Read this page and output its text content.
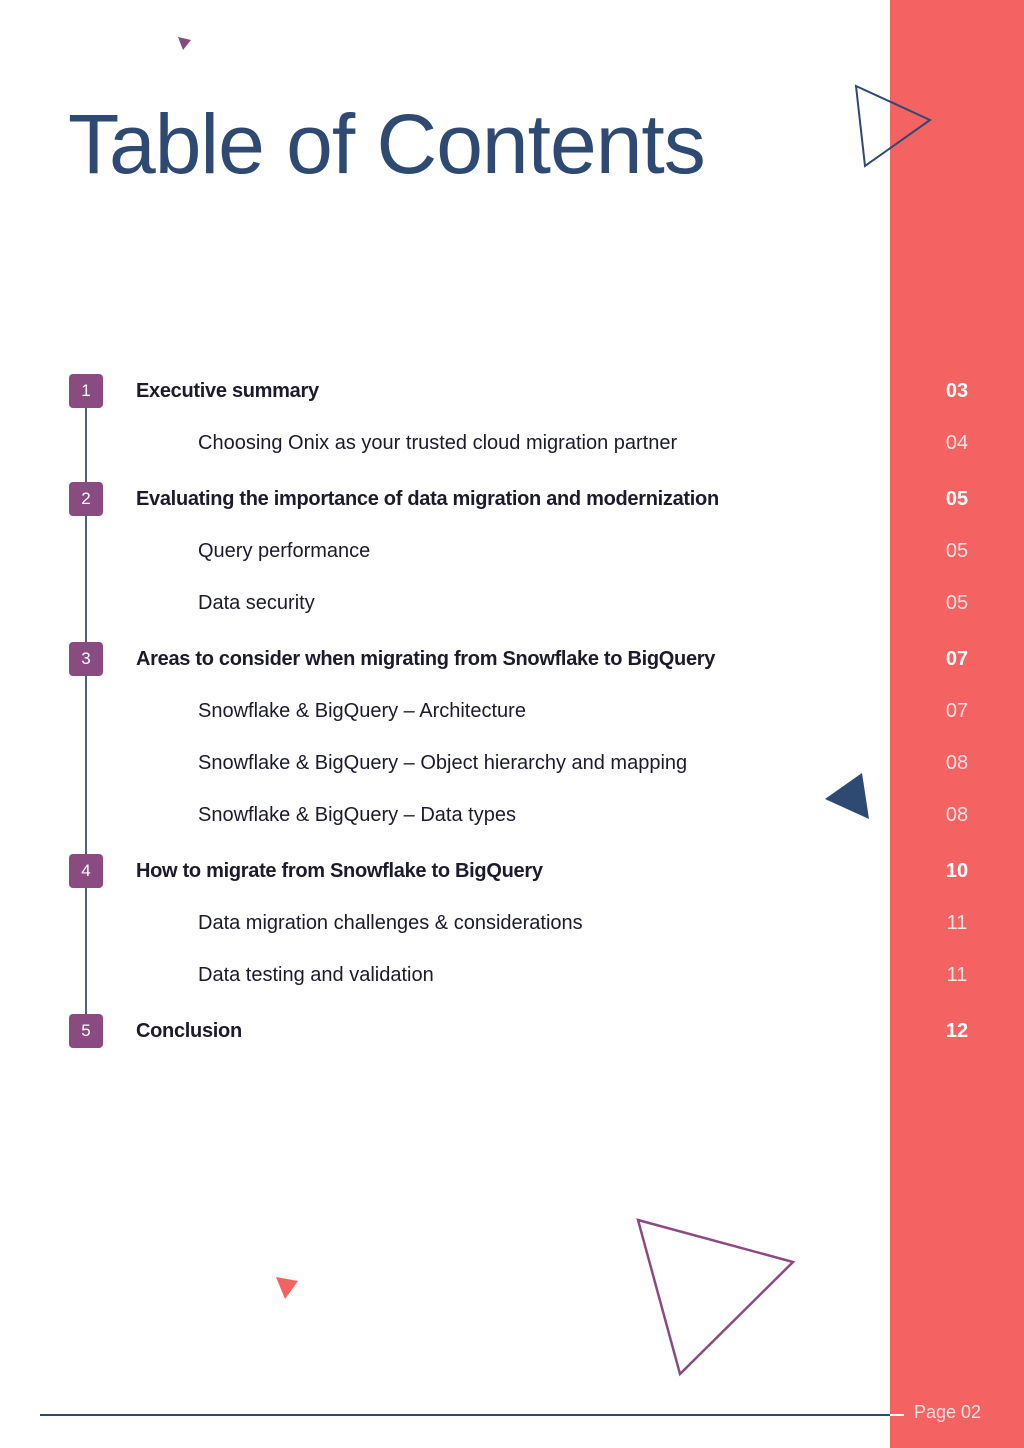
Table of Contents
1	Executive summary	03
Choosing Onix as your trusted cloud migration partner	04
2	Evaluating the importance of data migration and modernization	05
Query performance	05
Data security	05
3	Areas to consider when migrating from Snowflake to BigQuery	07
Snowflake & BigQuery – Architecture	07
Snowflake & BigQuery – Object hierarchy and mapping	08
Snowflake & BigQuery – Data types	08
4	How to migrate from Snowflake to BigQuery	10
Data migration challenges & considerations	11
Data testing and validation	11
5	Conclusion	12
Page 02
